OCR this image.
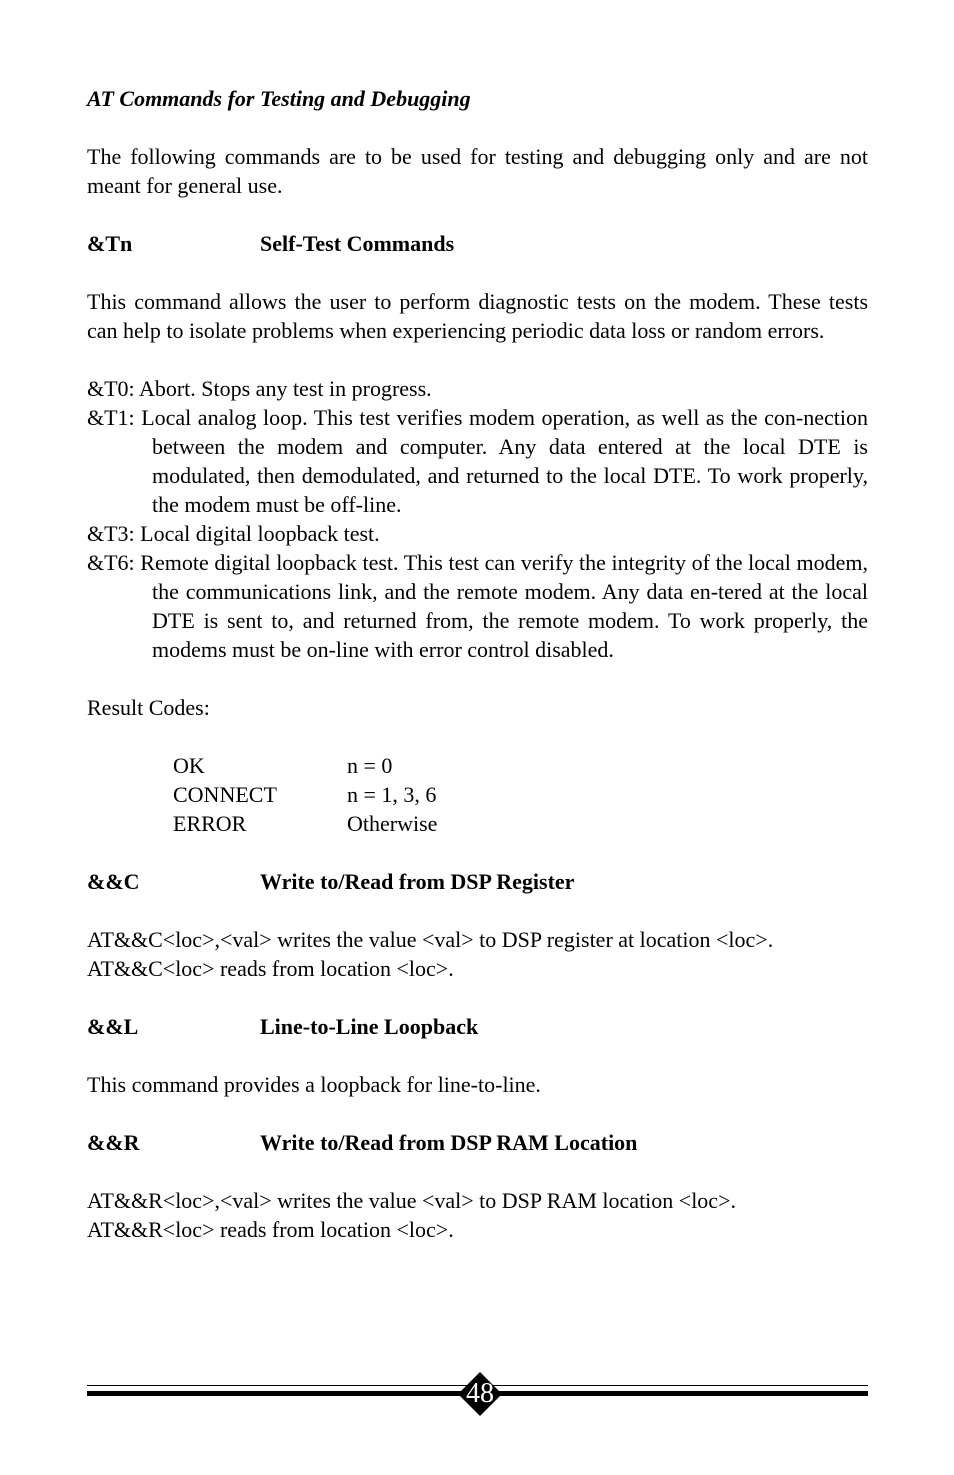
AT Commands for Testing and Debugging

The following commands are to be used for testing and debugging only and are not meant for general use.

&Tn	Self-Test Commands

This command allows the user to perform diagnostic tests on the modem. These tests can help to isolate problems when experiencing periodic data loss or random errors.

&T0: Abort. Stops any test in progress.
&T1: Local analog loop. This test verifies modem operation, as well as the con-nection between the modem and computer. Any data entered at the local DTE is modulated, then demodulated, and returned to the local DTE. To work properly, the modem must be off-line.
&T3: Local digital loopback test.
&T6: Remote digital loopback test. This test can verify the integrity of the local modem, the communications link, and the remote modem. Any data en-tered at the local DTE is sent to, and returned from, the remote modem. To work properly, the modems must be on-line with error control disabled.
Result Codes:
OK	n = 0
CONNECT	n = 1, 3, 6
ERROR	Otherwise
&&C	Write to/Read from DSP Register
AT&&C<loc>,<val> writes the value <val> to DSP register at location <loc>.
AT&&C<loc> reads from location <loc>.
&&L	Line-to-Line Loopback
This command provides a loopback for line-to-line.
&&R	Write to/Read from DSP RAM Location
AT&&R<loc>,<val> writes the value <val> to DSP RAM location <loc>.
AT&&R<loc> reads from location <loc>.
48
